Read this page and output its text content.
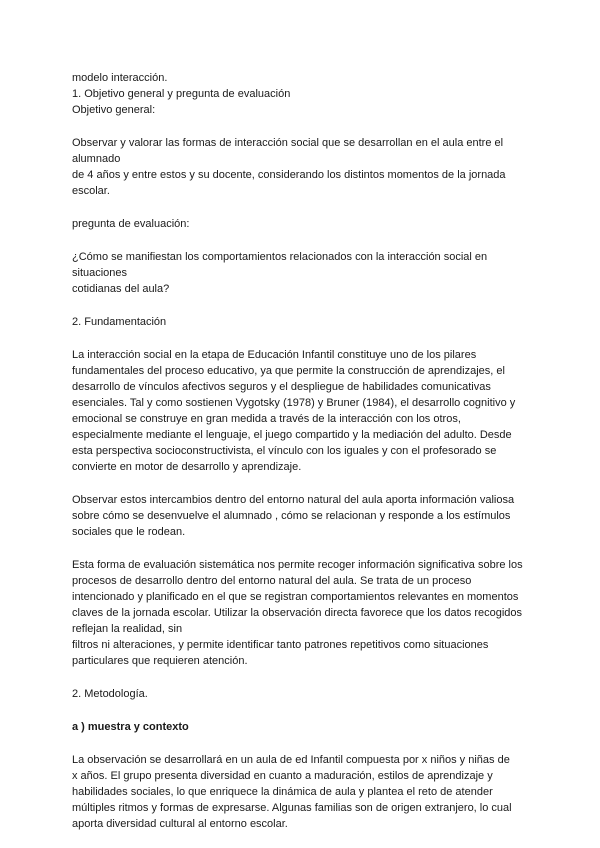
modelo interacción.
1. Objetivo general y pregunta de evaluación
Objetivo general:
Observar y valorar las formas de interacción social que se desarrollan en el aula entre el
alumnado
de 4 años y entre estos y su docente, considerando los distintos momentos de la jornada
escolar.
pregunta de evaluación:
¿Cómo se manifiestan los comportamientos relacionados con la interacción social en
situaciones
cotidianas del aula?
2. Fundamentación
La interacción social en la etapa de Educación Infantil constituye uno de los pilares
fundamentales del proceso educativo, ya que permite la construcción de aprendizajes, el
desarrollo de vínculos afectivos seguros y el despliegue de habilidades comunicativas
esenciales. Tal y como sostienen Vygotsky (1978) y Bruner (1984), el desarrollo cognitivo y
emocional se construye en gran medida a través de la interacción con los otros,
especialmente mediante el lenguaje, el juego compartido y la mediación del adulto. Desde
esta perspectiva socioconstructivista, el vínculo con los iguales y con el profesorado se
convierte en motor de desarrollo y aprendizaje.
Observar estos intercambios dentro del entorno natural del aula aporta información valiosa
sobre cómo se desenvuelve el alumnado , cómo se relacionan y responde a los estímulos
sociales que le rodean.
Esta forma de evaluación sistemática nos permite recoger información significativa sobre los
procesos de desarrollo dentro del entorno natural del aula. Se trata de un proceso
intencionado y planificado en el que se registran comportamientos relevantes en momentos
claves de la jornada escolar. Utilizar la observación directa favorece que los datos recogidos
reflejan la realidad, sin
filtros ni alteraciones, y permite identificar tanto patrones repetitivos como situaciones
particulares que requieren atención.
2. Metodología.
a ) muestra y contexto
La observación se desarrollará en un aula de ed Infantil compuesta por x niños y niñas de
x años. El grupo presenta diversidad en cuanto a maduración, estilos de aprendizaje y
habilidades sociales, lo que enriquece la dinámica de aula y plantea el reto de atender
múltiples ritmos y formas de expresarse. Algunas familias son de origen extranjero, lo cual
aporta diversidad cultural al entorno escolar.
